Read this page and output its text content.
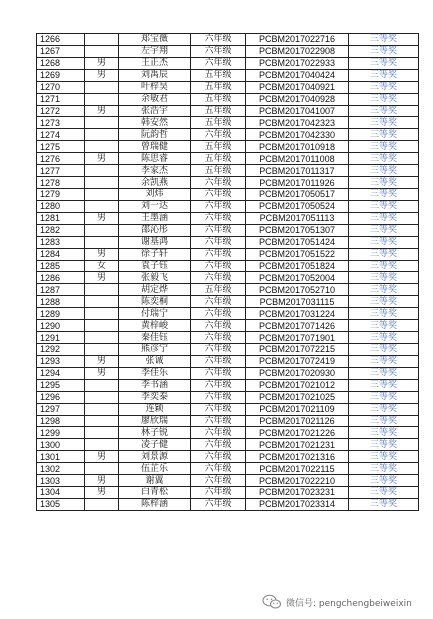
1266		郑宝薇	六年级	PCBM2017022716	三等奖
1267		左宇翔	六年级	PCBM2017022908	三等奖
1268	男	王正杰	六年级	PCBM2017022933	三等奖
1269	男	刘禹辰	五年级	PCBM2017040424	三等奖
1270		叶梓昊	五年级	PCBM2017040921	三等奖
1271		余敏君	五年级	PCBM2017040928	三等奖
1272	男	张浩宇	五年级	PCBM2017041007	三等奖
1273		韩安然	五年级	PCBM2017042323	三等奖
1274		阮韵哲	六年级	PCBM2017042330	三等奖
1275		曾瑞健	五年级	PCBM2017010918	三等奖
1276	男	陈思睿	五年级	PCBM2017011008	三等奖
1277		李家杰	五年级	PCBM2017011317	三等奖
1278		余凯燕	六年级	PCBM2017011926	三等奖
1279		刘炜	六年级	PCBM2017050517	三等奖
1280		刘一达	六年级	PCBM2017050524	三等奖
1281	男	王墨涵	六年级	PCBM2017051113	三等奖
1282		邵沁彤	六年级	PCBM2017051307	三等奖
1283		谢基鸿	六年级	PCBM2017051424	三等奖
1284	男	徐子轩	六年级	PCBM2017051522	三等奖
1285	女	袁子钰	六年级	PCBM2017051824	三等奖
1286	男	张毅飞	六年级	PCBM2017052004	三等奖
1287		胡定烨	五年级	PCBM2017052710	三等奖
1288		陈奕桐	六年级	PCBM2017031115	三等奖
1289		付瑞宁	六年级	PCBM2017031224	三等奖
1290		黄梓峻	六年级	PCBM2017071426	三等奖
1291		秦佳钰	六年级	PCBM2017071901	三等奖
1292		熊彦宁	六年级	PCBM2017072215	三等奖
1293	男	张诚	六年级	PCBM2017072419	三等奖
1294	男	李佳乐	六年级	PCBM2017020930	三等奖
1295		李书涵	六年级	PCBM2017021012	三等奖
1296		李奕泰	六年级	PCBM2017021025	三等奖
1297		连颖	六年级	PCBM2017021109	三等奖
1298		廖欣瑞	六年级	PCBM2017021126	三等奖
1299		林子锐	六年级	PCBM2017021226	三等奖
1300		凌子健	六年级	PCBM2017021231	三等奖
1301	男	刘景源	六年级	PCBM2017021316	三等奖
1302		伍芷乐	六年级	PCBM2017022115	三等奖
1303	男	谢翼	六年级	PCBM2017022210	三等奖
1304	男	白青松	六年级	PCBM2017023231	三等奖
1305		陈梓涵	六年级	PCBM2017023314	三等奖
微信号: pengchengbeiweixin
